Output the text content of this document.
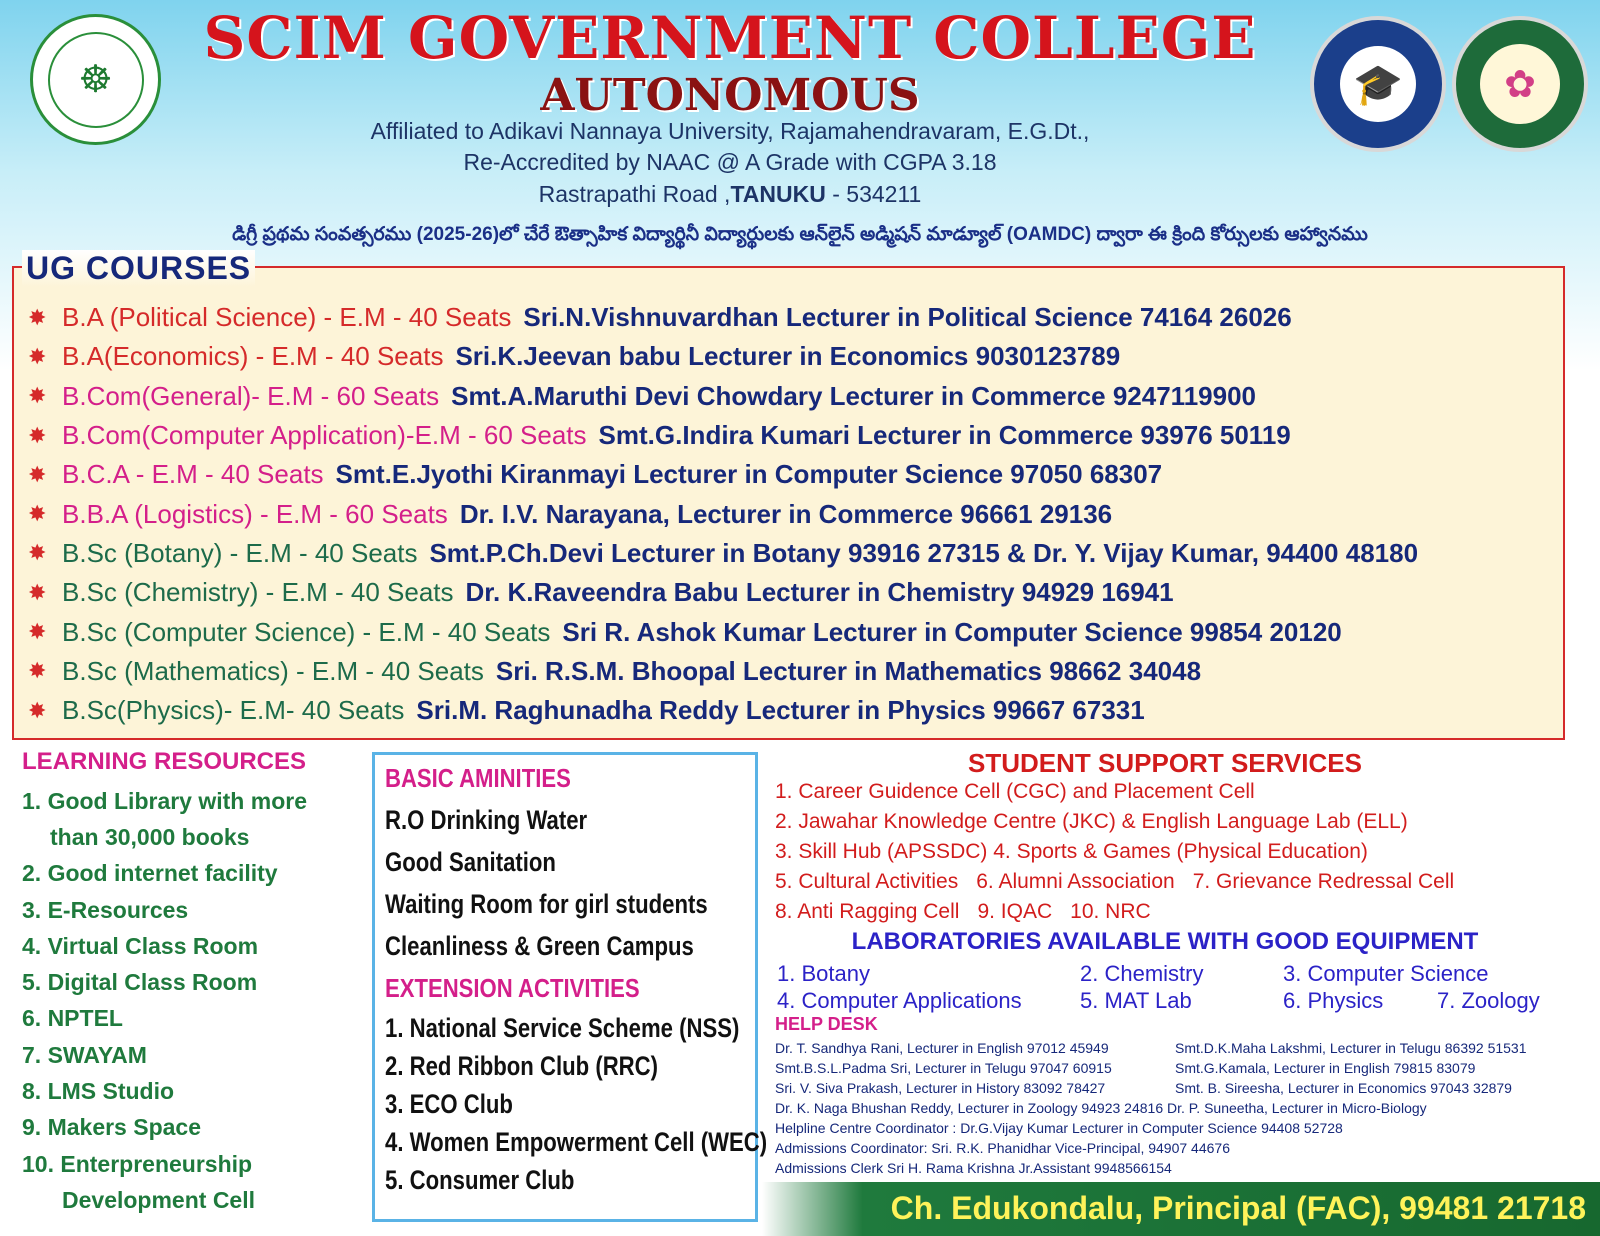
☸
SCIM GOVERNMENT COLLEGE
AUTONOMOUS
Affiliated to Adikavi Nannaya University, Rajamahendravaram, E.G.Dt.,
Re-Accredited by NAAC @ A Grade with CGPA 3.18
Rastrapathi Road ,TANUKU - 534211
🎓	✿
డిగ్రీ ప్రథమ సంవత్సరము (2025-26)లో చేరే ఔత్సాహిక విద్యార్థినీ విద్యార్థులకు ఆన్‌లైన్ అడ్మిషన్ మాడ్యూల్ (OAMDC) ద్వారా ఈ క్రింది కోర్సులకు ఆహ్వానము
UG COURSES
✸ B.A (Political Science) - E.M - 40 Seats Sri.N.Vishnuvardhan Lecturer in Political Science 74164 26026
✸ B.A(Economics) - E.M - 40 Seats Sri.K.Jeevan babu Lecturer in Economics 9030123789
✸ B.Com(General)- E.M - 60 Seats Smt.A.Maruthi Devi Chowdary Lecturer in Commerce 9247119900
✸ B.Com(Computer Application)-E.M - 60 Seats Smt.G.Indira Kumari Lecturer in Commerce 93976 50119
✸ B.C.A - E.M - 40 Seats Smt.E.Jyothi Kiranmayi Lecturer in Computer Science 97050 68307
✸ B.B.A (Logistics) - E.M - 60 Seats Dr. I.V. Narayana, Lecturer in Commerce 96661 29136
✸ B.Sc (Botany) - E.M - 40 Seats Smt.P.Ch.Devi Lecturer in Botany 93916 27315 & Dr. Y. Vijay Kumar, 94400 48180
✸ B.Sc (Chemistry) - E.M - 40 Seats Dr. K.Raveendra Babu Lecturer in Chemistry 94929 16941
✸ B.Sc (Computer Science) - E.M - 40 Seats Sri R. Ashok Kumar Lecturer in Computer Science 99854 20120
✸ B.Sc (Mathematics) - E.M - 40 Seats Sri. R.S.M. Bhoopal Lecturer in Mathematics 98662 34048
✸ B.Sc(Physics)- E.M- 40 Seats Sri.M. Raghunadha Reddy Lecturer in Physics 99667 67331
LEARNING RESOURCES
1. Good Library with more
than 30,000 books
2. Good internet facility
3. E-Resources
4. Virtual Class Room
5. Digital Class Room
6. NPTEL
7. SWAYAM
8. LMS Studio
9. Makers Space
10. Enterpreneurship
Development Cell
BASIC AMINITIES
R.O Drinking Water
Good Sanitation
Waiting Room for girl students
Cleanliness & Green Campus
EXTENSION ACTIVITIES
1. National Service Scheme (NSS)
2. Red Ribbon Club (RRC)
3. ECO Club
4. Women Empowerment Cell (WEC)
5. Consumer Club
STUDENT SUPPORT SERVICES
1. Career Guidence Cell (CGC) and Placement Cell
2. Jawahar Knowledge Centre (JKC) & English Language Lab (ELL)
3. Skill Hub (APSSDC) 4. Sports & Games (Physical Education)
5. Cultural Activities 6. Alumni Association 7. Grievance Redressal Cell
8. Anti Ragging Cell 9. IQAC 10. NRC
LABORATORIES AVAILABLE WITH GOOD EQUIPMENT
1. Botany	2. Chemistry	3. Computer Science
4. Computer Applications	5. MAT Lab	6. Physics 7. Zoology
HELP DESK
Dr. T. Sandhya Rani, Lecturer in English 97012 45949	Smt.D.K.Maha Lakshmi, Lecturer in Telugu 86392 51531
Smt.B.S.L.Padma Sri, Lecturer in Telugu 97047 60915	Smt.G.Kamala, Lecturer in English 79815 83079
Sri. V. Siva Prakash, Lecturer in History 83092 78427	Smt. B. Sireesha, Lecturer in Economics 97043 32879
Dr. K. Naga Bhushan Reddy, Lecturer in Zoology 94923 24816 Dr. P. Suneetha, Lecturer in Micro-Biology
Helpline Centre Coordinator : Dr.G.Vijay Kumar Lecturer in Computer Science 94408 52728
Admissions Coordinator: Sri. R.K. Phanidhar Vice-Principal, 94907 44676
Admissions Clerk Sri H. Rama Krishna Jr.Assistant 9948566154
Ch. Edukondalu, Principal (FAC), 99481 21718
